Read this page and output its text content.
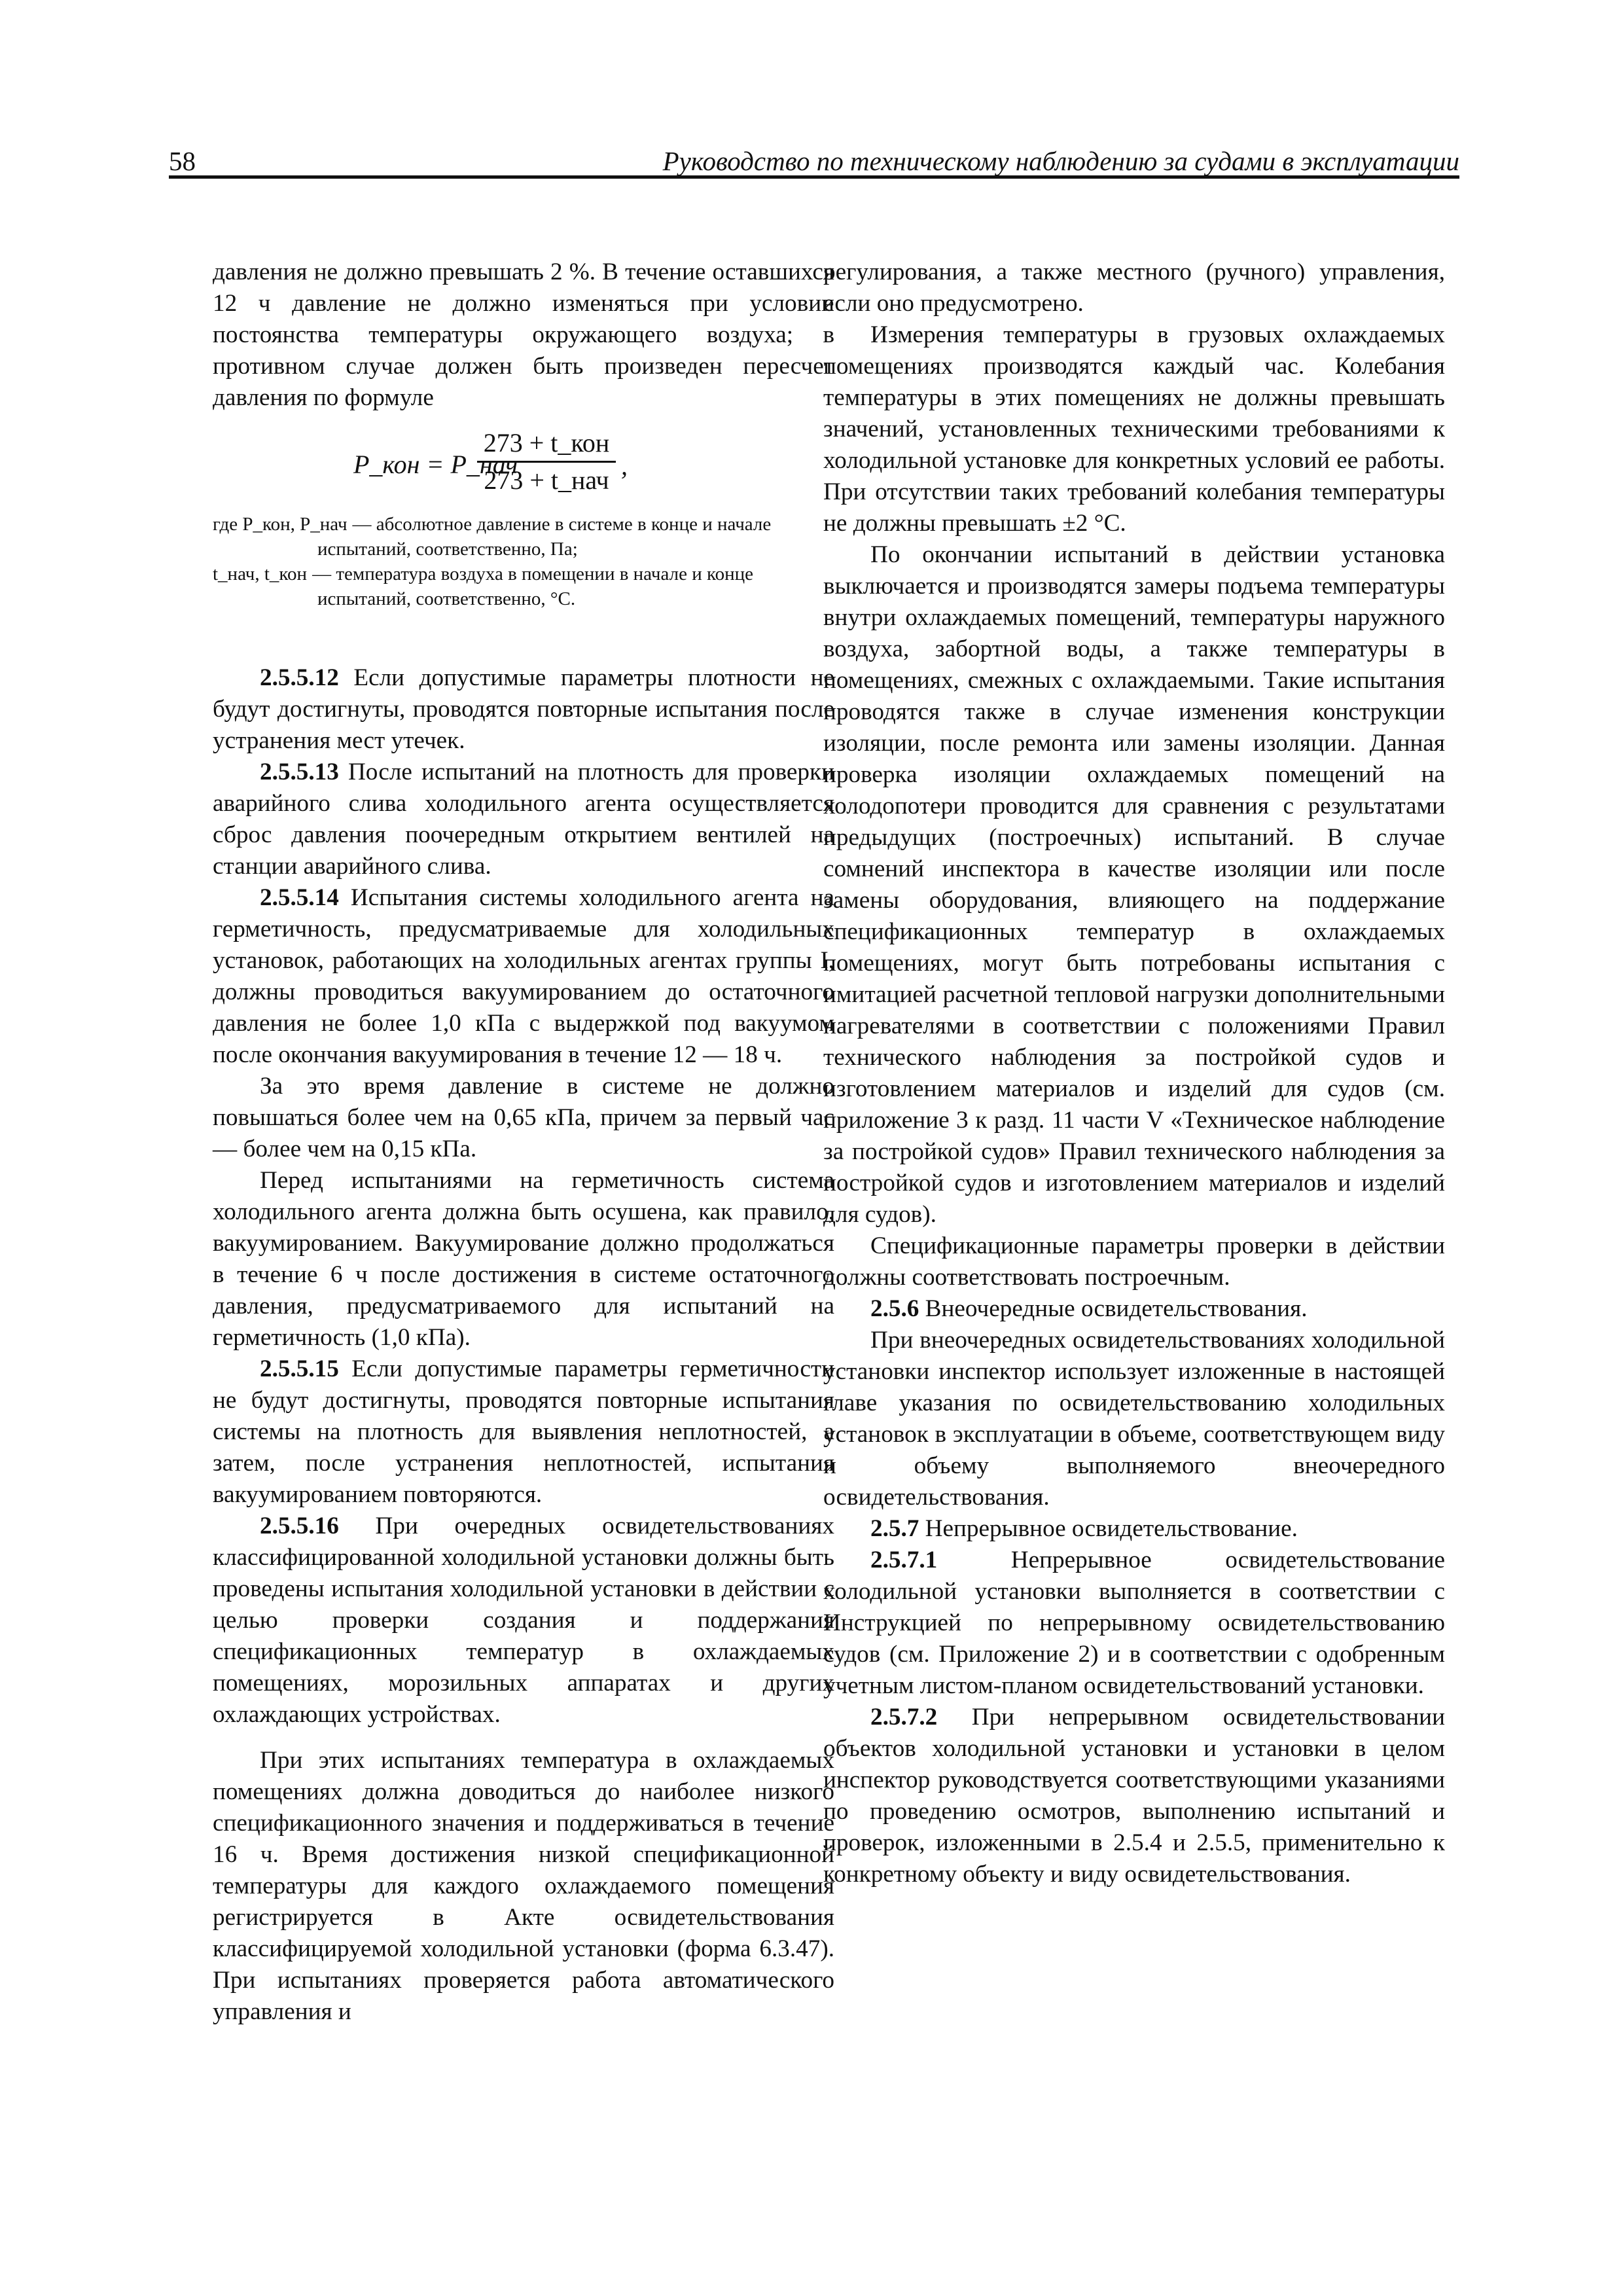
58	Руководство по техническому наблюдению за судами в эксплуатации

давления не должно превышать 2 %. В течение оставшихся 12 ч давление не должно изменяться при условии постоянства температуры окружающего воздуха; в противном случае должен быть произведен пересчет давления по формуле

P_кон = P_нач
273 + t_кон
273 + t_нач ,
где P_кон, P_нач — абсолютное давление в системе в конце и начале
испытаний, соответственно, Па;
t_нач, t_кон — температура воздуха в помещении в начале и конце
испытаний, соответственно, °С.

2.5.5.12 Если допустимые параметры плотности не будут достигнуты, проводятся повторные испытания после устранения мест утечек.

2.5.5.13 После испытаний на плотность для проверки аварийного слива холодильного агента осуществляется сброс давления поочередным открытием вентилей на станции аварийного слива.

2.5.5.14 Испытания системы холодильного агента на герметичность, предусматриваемые для холодильных установок, работающих на холодильных агентах группы I, должны проводиться вакуумированием до остаточного давления не более 1,0 кПа с выдержкой под вакуумом после окончания вакуумирования в течение 12 — 18 ч.

За это время давление в системе не должно повышаться более чем на 0,65 кПа, причем за первый час — более чем на 0,15 кПа.

Перед испытаниями на герметичность система холодильного агента должна быть осушена, как правило, вакуумированием. Вакуумирование должно продолжаться в течение 6 ч после достижения в системе остаточного давления, предусматриваемого для испытаний на герметичность (1,0 кПа).

2.5.5.15 Если допустимые параметры герметичности не будут достигнуты, проводятся повторные испытания системы на плотность для выявления неплотностей, а затем, после устранения неплотностей, испытания вакуумированием повторяются.

2.5.5.16 При очередных освидетельствованиях классифицированной холодильной установки должны быть проведены испытания холодильной установки в действии с целью проверки создания и поддержания спецификационных температур в охлаждаемых помещениях, морозильных аппаратах и других охлаждающих устройствах.

При этих испытаниях температура в охлаждаемых помещениях должна доводиться до наиболее низкого спецификационного значения и поддерживаться в течение 16 ч. Время достижения низкой спецификационной температуры для каждого охлаждаемого помещения регистрируется в Акте освидетельствования классифицируемой холодильной установки (форма 6.3.47). При испытаниях проверяется работа автоматического управления и

регулирования, а также местного (ручного) управления, если оно предусмотрено.

Измерения температуры в грузовых охлаждаемых помещениях производятся каждый час. Колебания температуры в этих помещениях не должны превышать значений, установленных техническими требованиями к холодильной установке для конкретных условий ее работы. При отсутствии таких требований колебания температуры не должны превышать ±2 °С.

По окончании испытаний в действии установка выключается и производятся замеры подъема температуры внутри охлаждаемых помещений, температуры наружного воздуха, забортной воды, а также температуры в помещениях, смежных с охлаждаемыми. Такие испытания проводятся также в случае изменения конструкции изоляции, после ремонта или замены изоляции. Данная проверка изоляции охлаждаемых помещений на холодопотери проводится для сравнения с результатами предыдущих (построечных) испытаний. В случае сомнений инспектора в качестве изоляции или после замены оборудования, влияющего на поддержание спецификационных температур в охлаждаемых помещениях, могут быть потребованы испытания с имитацией расчетной тепловой нагрузки дополнительными нагревателями в соответствии с положениями Правил технического наблюдения за постройкой судов и изготовлением материалов и изделий для судов (см. приложение 3 к разд. 11 части V «Техническое наблюдение за постройкой судов» Правил технического наблюдения за постройкой судов и изготовлением материалов и изделий для судов).

Спецификационные параметры проверки в действии должны соответствовать построечным.

2.5.6 Внеочередные освидетельствования.

При внеочередных освидетельствованиях холодильной установки инспектор использует изложенные в настоящей главе указания по освидетельствованию холодильных установок в эксплуатации в объеме, соответствующем виду и объему выполняемого внеочередного освидетельствования.

2.5.7 Непрерывное освидетельствование.

2.5.7.1 Непрерывное освидетельствование холодильной установки выполняется в соответствии с Инструкцией по непрерывному освидетельствованию судов (см. Приложение 2) и в соответствии с одобренным учетным листом-планом освидетельствований установки.

2.5.7.2 При непрерывном освидетельствовании объектов холодильной установки и установки в целом инспектор руководствуется соответствующими указаниями по проведению осмотров, выполнению испытаний и проверок, изложенными в 2.5.4 и 2.5.5, применительно к конкретному объекту и виду освидетельствования.
